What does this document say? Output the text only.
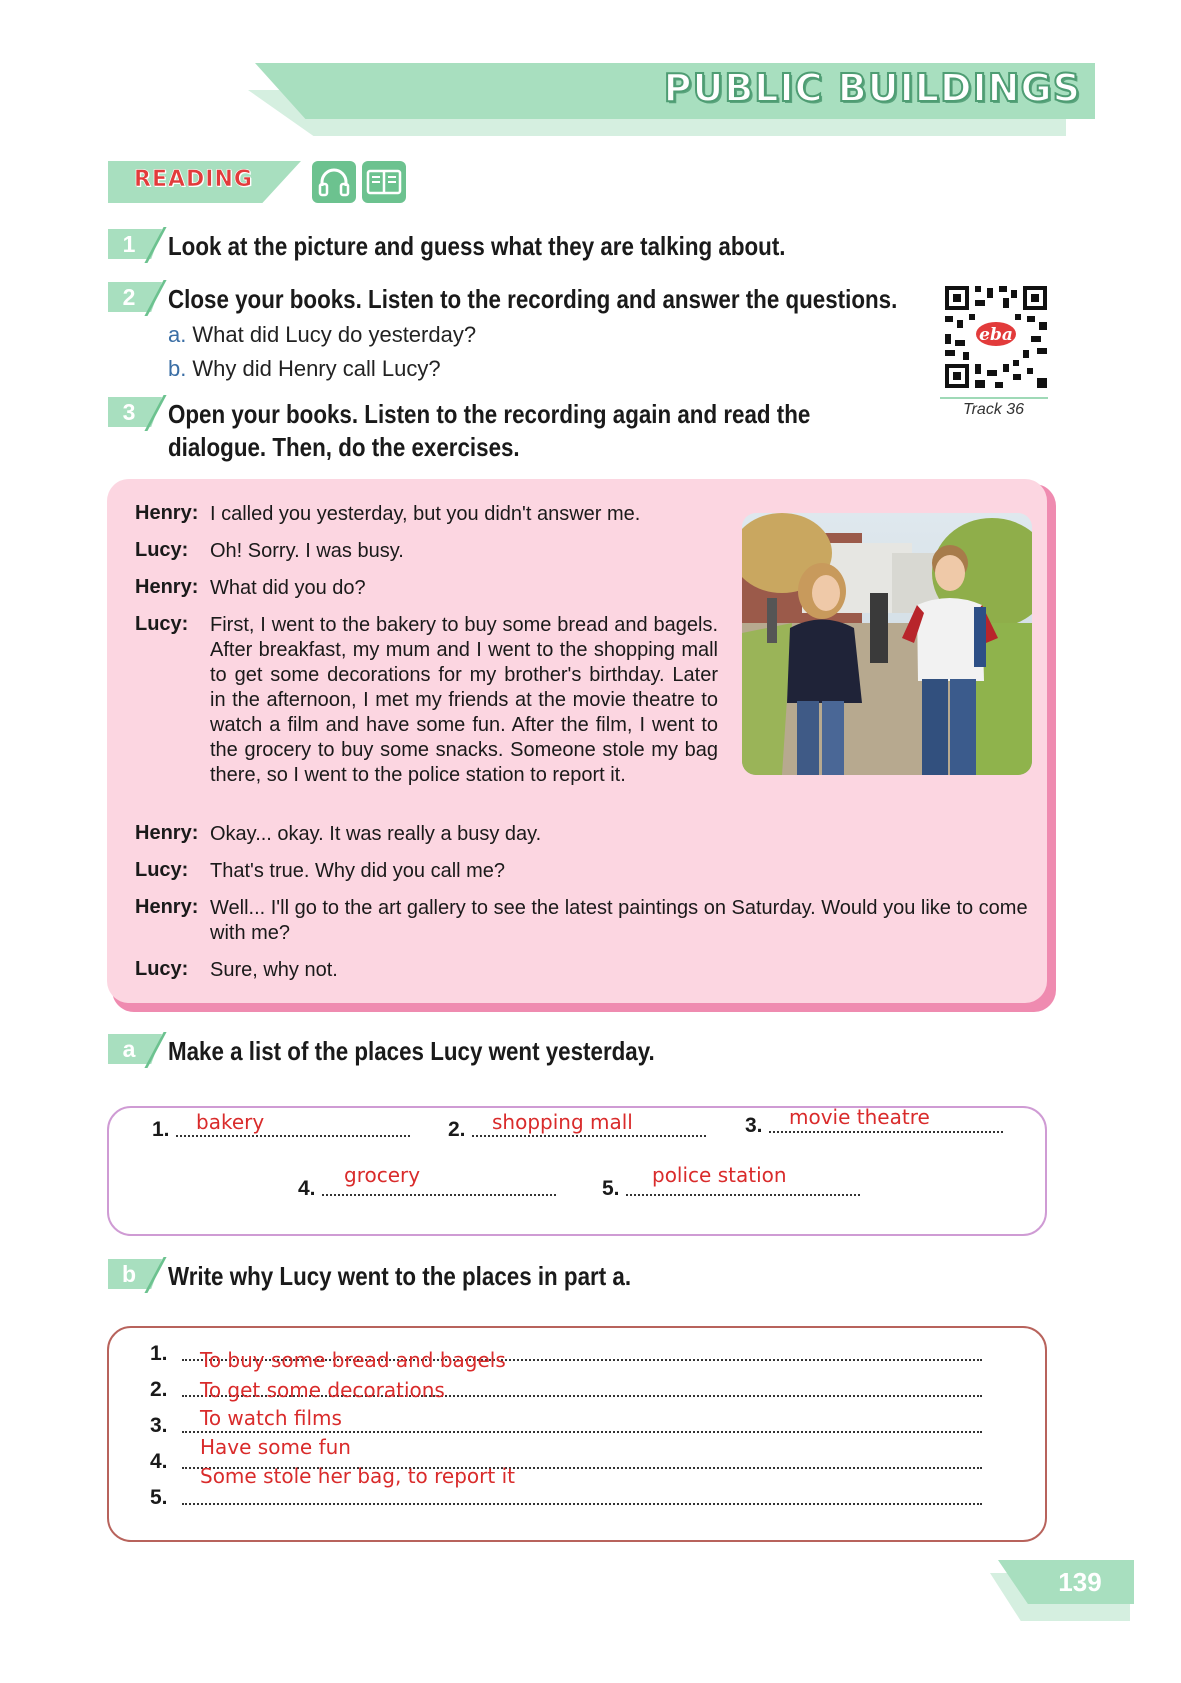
PUBLIC BUILDINGS
READING
1	Look at the picture and guess what they are talking about.
2	Close your books. Listen to the recording and answer the questions.
a. What did Lucy do yesterday?
b. Why did Henry call Lucy?
3	Open your books. Listen to the recording again and read the
dialogue. Then, do the exercises.
eba
Track 36
Henry: I called you yesterday, but you didn't answer me.
Lucy: Oh! Sorry. I was busy.
Henry: What did you do?
Lucy: First, I went to the bakery to buy some bread and bagels. After breakfast, my mum and I went to the shopping mall to get some decorations for my brother's birthday. Later in the afternoon, I met my friends at the movie theatre to watch a film and have some fun. After the film, I went to the grocery to buy some snacks. Someone stole my bag there, so I went to the police station to report it.
Henry: Okay... okay. It was really a busy day.
Lucy: That's true. Why did you call me?
Henry: Well... I'll go to the art gallery to see the latest paintings on Saturday. Would you like to come with me?
Lucy: Sure, why not.
a	Make a list of the places Lucy went yesterday.
1. bakery	2. shopping mall	3. movie theatre
4.
grocery
5.
police station
b	Write why Lucy went to the places in part a.
1. To buy some bread and bagels
2. To get some decorations
3. To watch films
4.
Have some fun
5.
Some stole her bag, to report it
139
